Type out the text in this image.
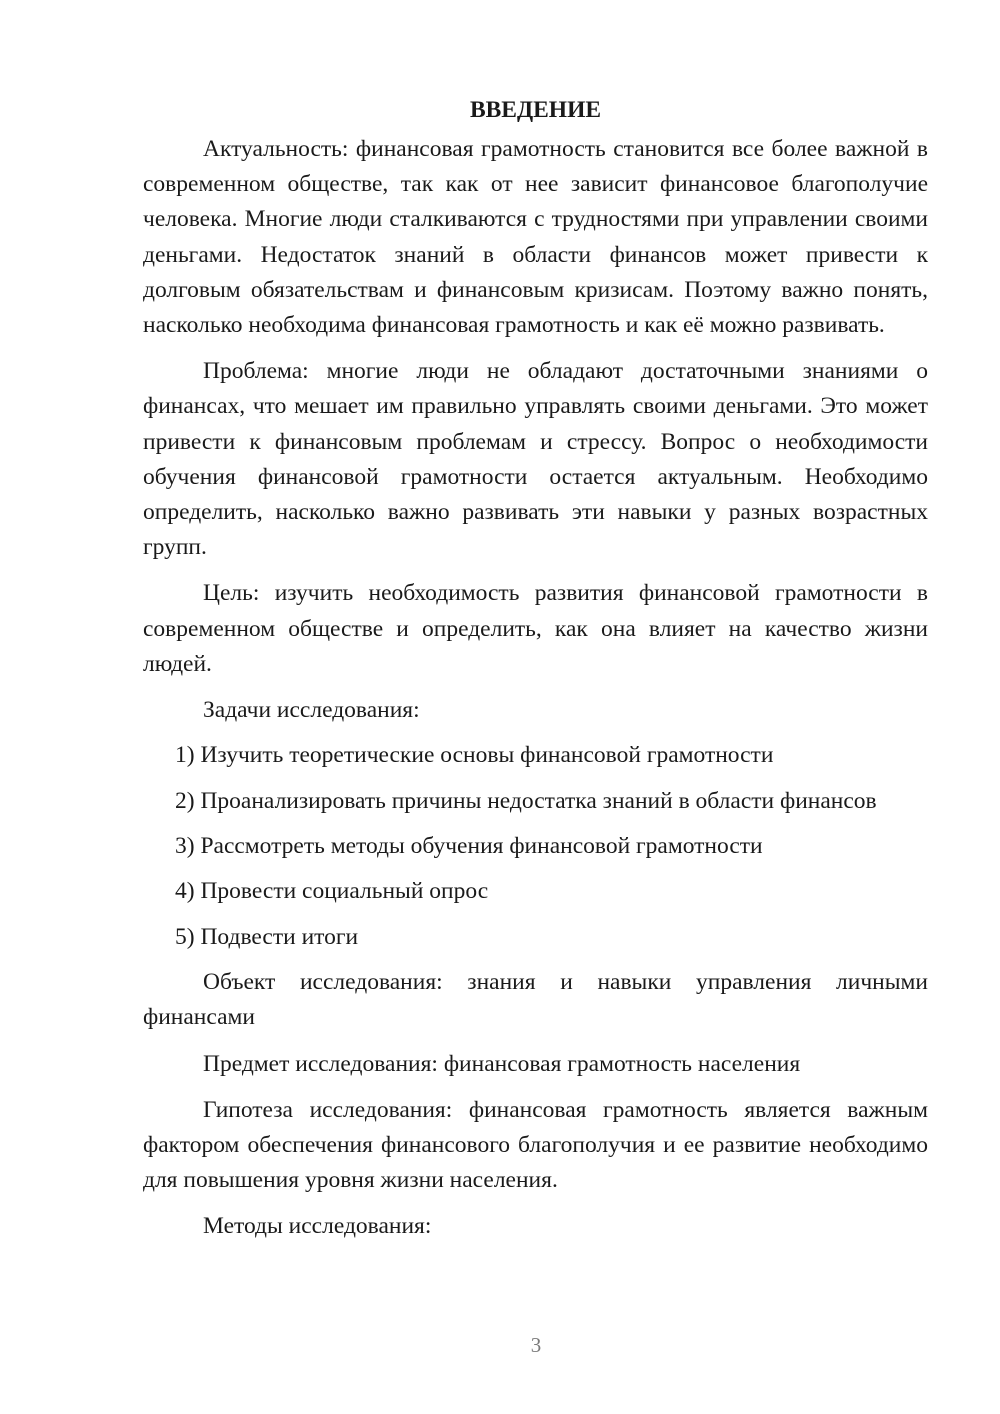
ВВЕДЕНИЕ

Актуальность: финансовая грамотность становится все более важной в современном обществе, так как от нее зависит финансовое благополучие человека. Многие люди сталкиваются с трудностями при управлении своими деньгами. Недостаток знаний в области финансов может привести к долговым обязательствам и финансовым кризисам. Поэтому важно понять, насколько необходима финансовая грамотность и как её можно развивать.

Проблема: многие люди не обладают достаточными знаниями о финансах, что мешает им правильно управлять своими деньгами. Это может привести к финансовым проблемам и стрессу. Вопрос о необходимости обучения финансовой грамотности остается актуальным. Необходимо определить, насколько важно развивать эти навыки у разных возрастных групп.

Цель: изучить необходимость развития финансовой грамотности в современном обществе и определить, как она влияет на качество жизни людей.

Задачи исследования:

1) Изучить теоретические основы финансовой грамотности

2) Проанализировать причины недостатка знаний в области финансов

3) Рассмотреть методы обучения финансовой грамотности

4) Провести социальный опрос

5) Подвести итоги

Объект исследования: знания и навыки управления личными финансами

Предмет исследования: финансовая грамотность населения

Гипотеза исследования: финансовая грамотность является важным фактором обеспечения финансового благополучия и ее развитие необходимо для повышения уровня жизни населения.

Методы исследования:

3
